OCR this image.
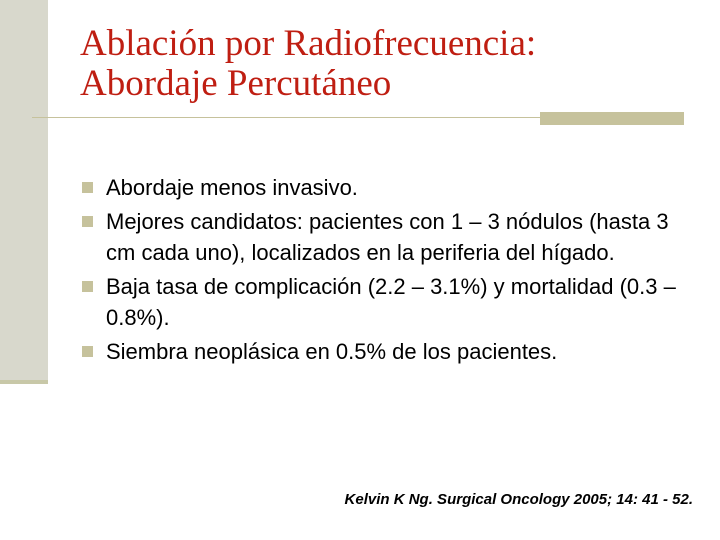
Ablación por Radiofrecuencia:
Abordaje Percutáneo
Abordaje menos invasivo.
Mejores candidatos: pacientes con 1 – 3 nódulos (hasta 3 cm cada uno), localizados en la periferia del hígado.
Baja tasa de complicación (2.2 – 3.1%) y mortalidad (0.3 – 0.8%).
Siembra neoplásica en 0.5% de los pacientes.
Kelvin K Ng. Surgical Oncology 2005; 14: 41 - 52.
